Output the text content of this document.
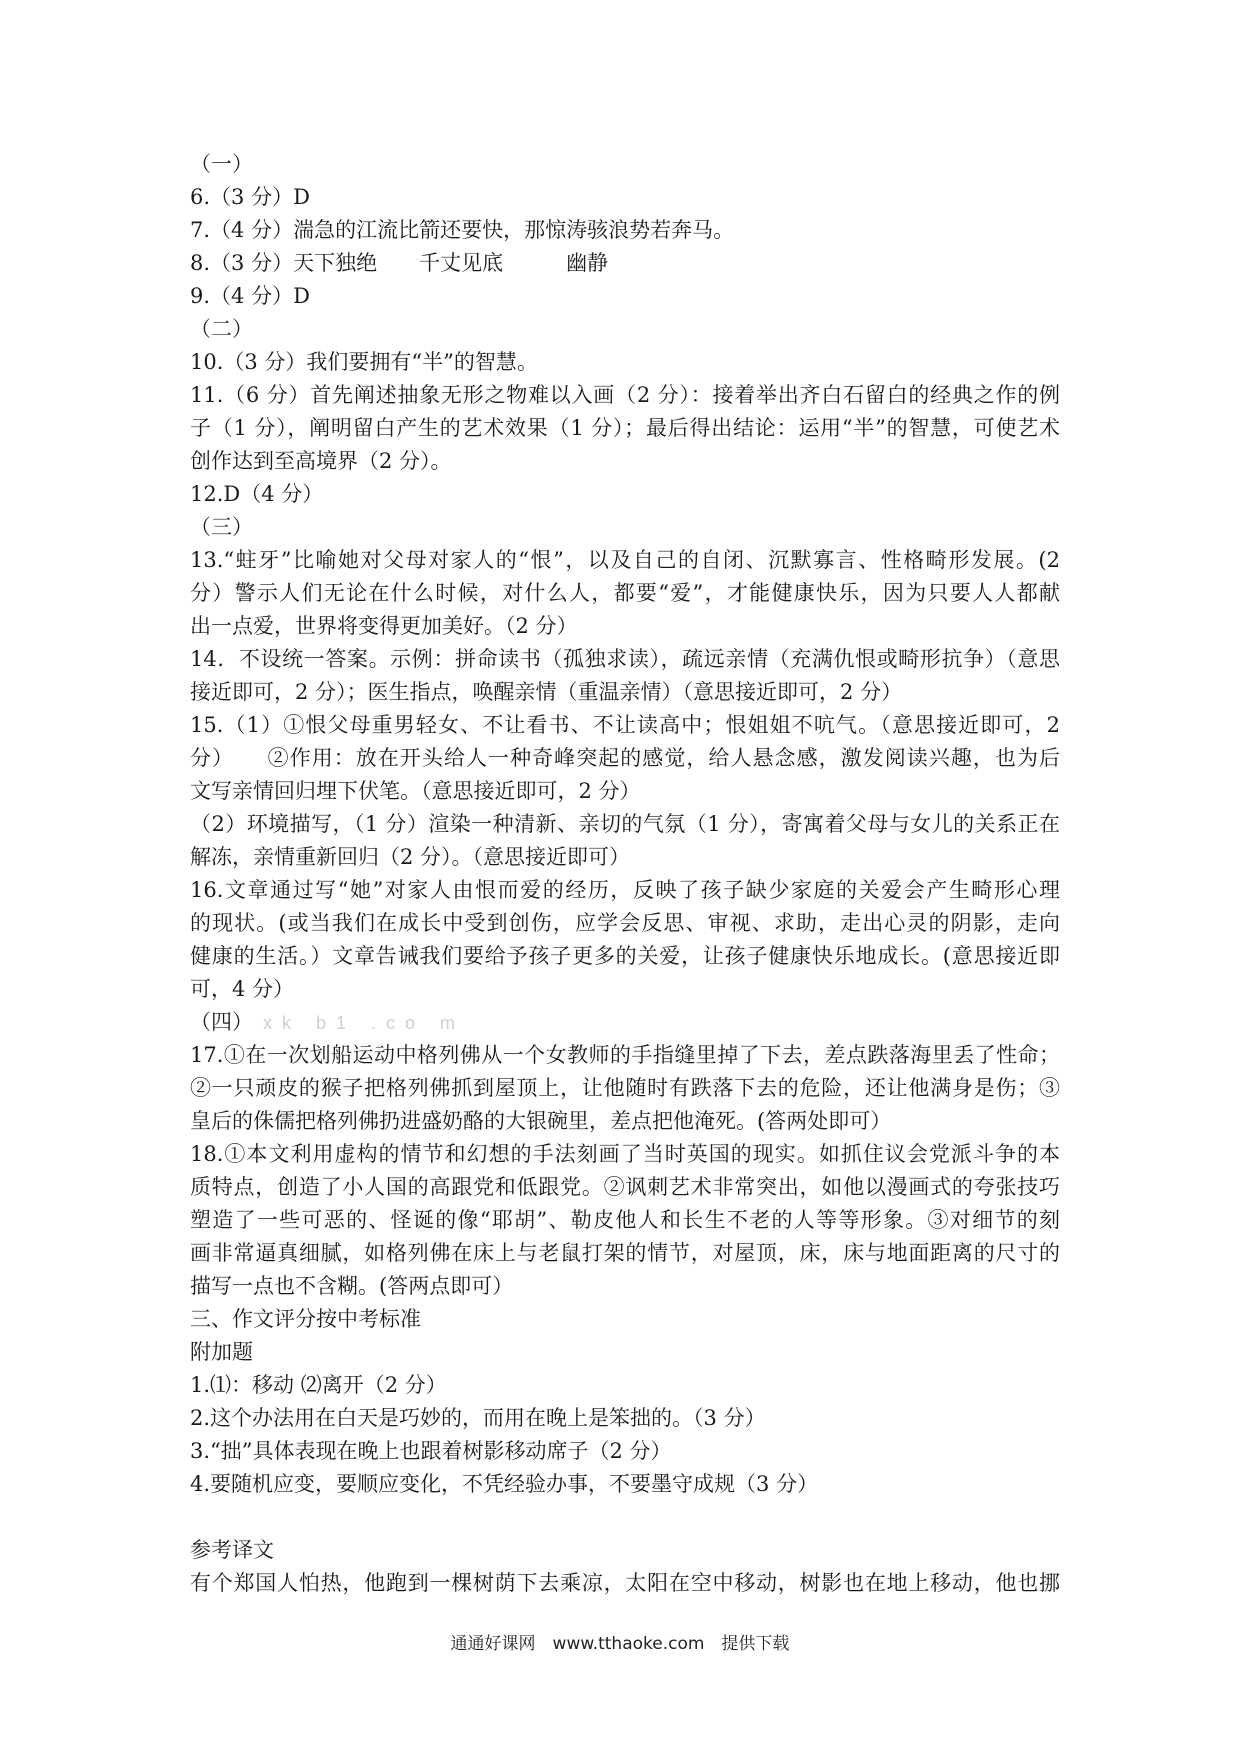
（一）
6.（3 分）D
7.（4 分）湍急的江流比箭还要快，那惊涛骇浪势若奔马。
8.（3 分）天下独绝　　千丈见底　　　幽静
9.（4 分）D
（二）
10.（3 分）我们要拥有“半”的智慧。
11.（6 分）首先阐述抽象无形之物难以入画（2 分）：接着举出齐白石留白的经典之作的例
子（1 分），阐明留白产生的艺术效果（1 分）；最后得出结论：运用“半”的智慧，可使艺术
创作达到至高境界（2 分）。
12.D（4 分）
（三）
13.“蛀牙”比喻她对父母对家人的“恨”，以及自己的自闭、沉默寡言、性格畸形发展。(2
分）警示人们无论在什么时候，对什么人，都要“爱”，才能健康快乐，因为只要人人都献
出一点爱，世界将变得更加美好。（2 分）
14．不设统一答案。示例：拼命读书（孤独求读），疏远亲情（充满仇恨或畸形抗争）（意思
接近即可，2 分）；医生指点，唤醒亲情（重温亲情）（意思接近即可，2 分）
15.（1）①恨父母重男轻女、不让看书、不让读高中；恨姐姐不吭气。（意思接近即可，2
分）　　②作用：放在开头给人一种奇峰突起的感觉，给人悬念感，激发阅读兴趣，也为后
文写亲情回归埋下伏笔。（意思接近即可，2 分）
（2）环境描写，（1 分）渲染一种清新、亲切的气氛（1 分），寄寓着父母与女儿的关系正在
解冻，亲情重新回归（2 分）。（意思接近即可）
16.文章通过写“她”对家人由恨而爱的经历，反映了孩子缺少家庭的关爱会产生畸形心理
的现状。(或当我们在成长中受到创伤，应学会反思、审视、求助，走出心灵的阴影，走向
健康的生活。）文章告诫我们要给予孩子更多的关爱，让孩子健康快乐地成长。(意思接近即
可，4 分）
（四） xk b1 .co m
17.①在一次划船运动中格列佛从一个女教师的手指缝里掉了下去，差点跌落海里丢了性命；
②一只顽皮的猴子把格列佛抓到屋顶上，让他随时有跌落下去的危险，还让他满身是伤；③
皇后的侏儒把格列佛扔进盛奶酪的大银碗里，差点把他淹死。(答两处即可）
18.①本文利用虚构的情节和幻想的手法刻画了当时英国的现实。如抓住议会党派斗争的本
质特点，创造了小人国的高跟党和低跟党。②讽刺艺术非常突出，如他以漫画式的夸张技巧
塑造了一些可恶的、怪诞的像“耶胡”、勒皮他人和长生不老的人等等形象。③对细节的刻
画非常逼真细腻，如格列佛在床上与老鼠打架的情节，对屋顶，床，床与地面距离的尺寸的
描写一点也不含糊。(答两点即可）
三、作文评分按中考标准
附加题
1.⑴：移动 ⑵离开（2 分）
2.这个办法用在白天是巧妙的，而用在晚上是笨拙的。（3 分）
3.“拙”具体表现在晚上也跟着树影移动席子（2 分）
4.要随机应变，要顺应变化，不凭经验办事，不要墨守成规（3 分）
参考译文
有个郑国人怕热，他跑到一棵树荫下去乘凉，太阳在空中移动，树影也在地上移动，他也挪
通通好课网　www.tthaoke.com　提供下载
